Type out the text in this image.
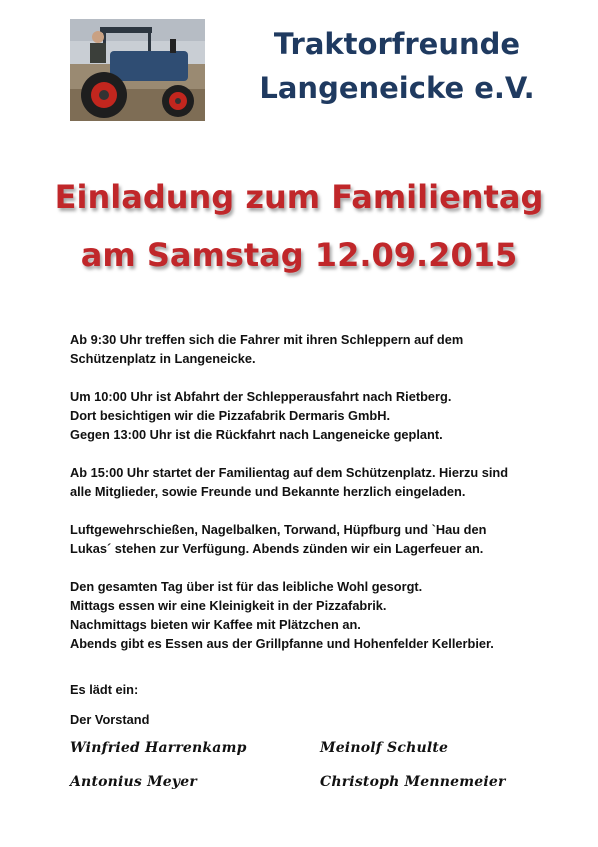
Traktorfreunde
Langeneicke e.V.
Einladung zum Familientag
am Samstag 12.09.2015

Ab 9:30 Uhr treffen sich die Fahrer mit ihren Schleppern auf dem
Schützenplatz in Langeneicke.

Um 10:00 Uhr ist Abfahrt der Schlepperausfahrt nach Rietberg.
Dort besichtigen wir die Pizzafabrik Dermaris GmbH.
Gegen 13:00 Uhr ist die Rückfahrt nach Langeneicke geplant.

Ab 15:00 Uhr startet der Familientag auf dem Schützenplatz. Hierzu sind
alle Mitglieder, sowie Freunde und Bekannte herzlich eingeladen.

Luftgewehrschießen, Nagelbalken, Torwand, Hüpfburg und `Hau den
Lukas´ stehen zur Verfügung. Abends zünden wir ein Lagerfeuer an.

Den gesamten Tag über ist für das leibliche Wohl gesorgt.
Mittags essen wir eine Kleinigkeit in der Pizzafabrik.
Nachmittags bieten wir Kaffee mit Plätzchen an.
Abends gibt es Essen aus der Grillpfanne und Hohenfelder Kellerbier.

Es lädt ein:
Der Vorstand
Winfried Harrenkamp	Meinolf Schulte
Antonius Meyer	Christoph Mennemeier
